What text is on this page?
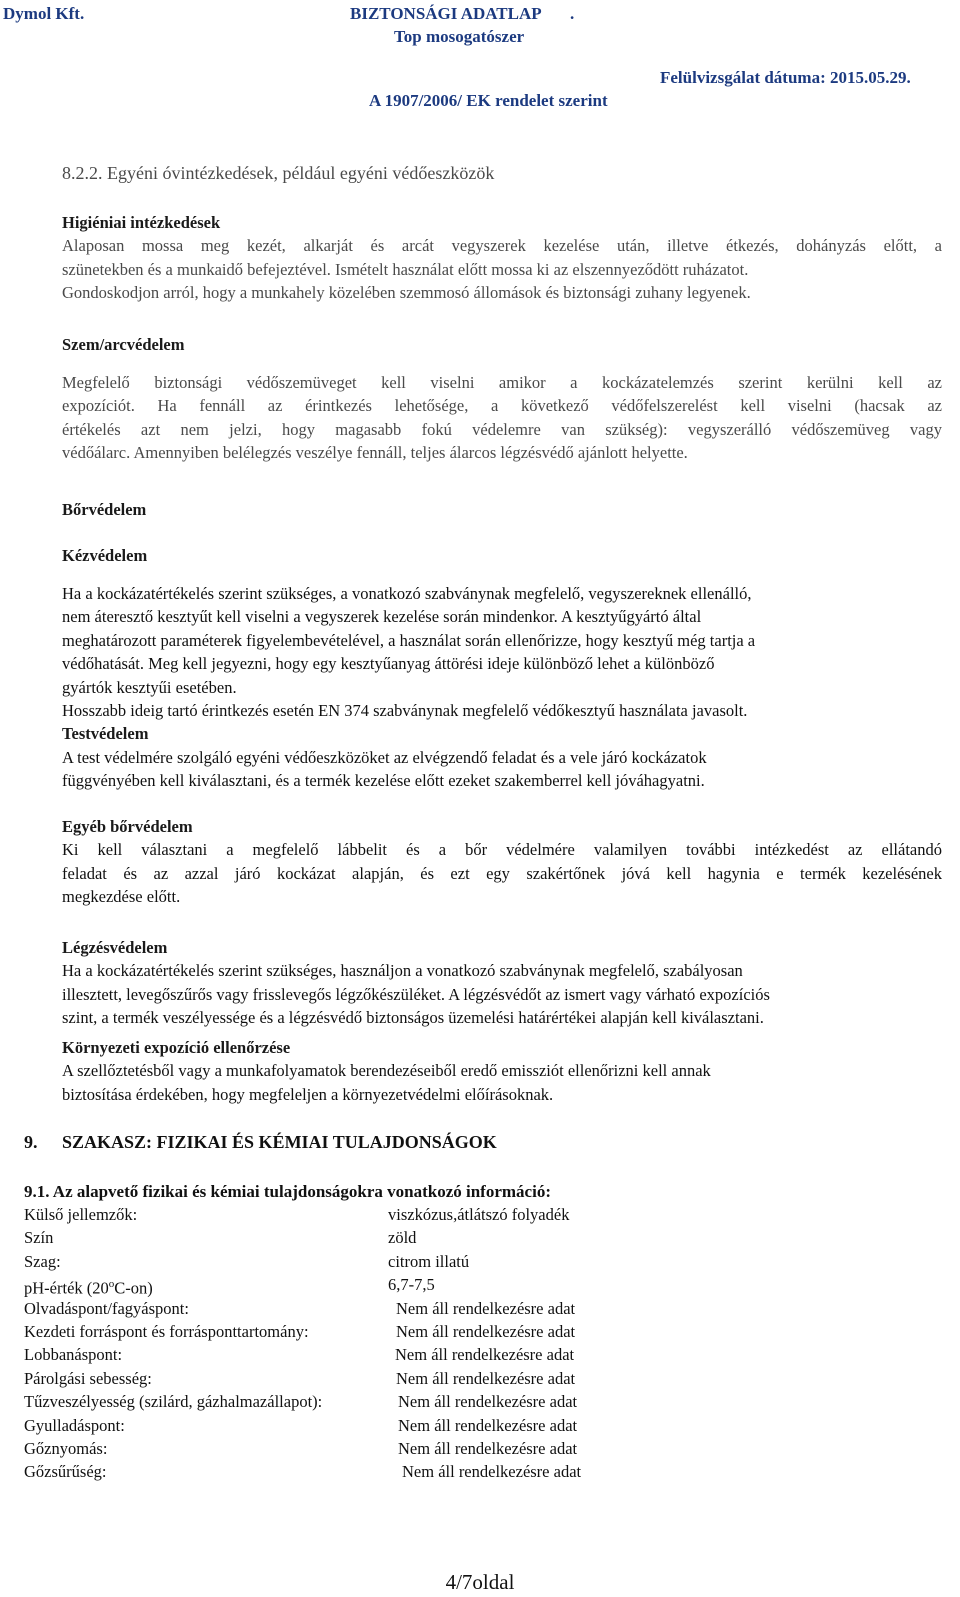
Dymol Kft.	BIZTONSÁGI ADATLAP .
Top mosogatószer
Felülvizsgálat dátuma: 2015.05.29.
A 1907/2006/ EK rendelet szerint

8.2.2. Egyéni óvintézkedések, például egyéni védőeszközök

Higiéniai intézkedések

Alaposan mossa meg kezét, alkarját és arcát vegyszerek kezelése után, illetve étkezés, dohányzás előtt, a

szünetekben és a munkaidő befejeztével. Ismételt használat előtt mossa ki az elszennyeződött ruházatot.

Gondoskodjon arról, hogy a munkahely közelében szemmosó állomások és biztonsági zuhany legyenek.

Szem/arcvédelem

Megfelelő biztonsági védőszemüveget kell viselni amikor a kockázatelemzés szerint kerülni kell az

expozíciót. Ha fennáll az érintkezés lehetősége, a következő védőfelszerelést kell viselni (hacsak az

értékelés azt nem jelzi, hogy magasabb fokú védelemre van szükség): vegyszerálló védőszemüveg vagy

védőálarc. Amennyiben belélegzés veszélye fennáll, teljes álarcos légzésvédő ajánlott helyette.

Bőrvédelem

Kézvédelem

Ha a kockázatértékelés szerint szükséges, a vonatkozó szabványnak megfelelő, vegyszereknek ellenálló,

nem áteresztő kesztyűt kell viselni a vegyszerek kezelése során mindenkor. A kesztyűgyártó által

meghatározott paraméterek figyelembevételével, a használat során ellenőrizze, hogy kesztyű még tartja a

védőhatását. Meg kell jegyezni, hogy egy kesztyűanyag áttörési ideje különböző lehet a különböző

gyártók kesztyűi esetében.

Hosszabb ideig tartó érintkezés esetén EN 374 szabványnak megfelelő védőkesztyű használata javasolt.

Testvédelem

A test védelmére szolgáló egyéni védőeszközöket az elvégzendő feladat és a vele járó kockázatok

függvényében kell kiválasztani, és a termék kezelése előtt ezeket szakemberrel kell jóváhagyatni.

Egyéb bőrvédelem

Ki kell választani a megfelelő lábbelit és a bőr védelmére valamilyen további intézkedést az ellátandó

feladat és az azzal járó kockázat alapján, és ezt egy szakértőnek jóvá kell hagynia e termék kezelésének

megkezdése előtt.

Légzésvédelem

Ha a kockázatértékelés szerint szükséges, használjon a vonatkozó szabványnak megfelelő, szabályosan

illesztett, levegőszűrős vagy frisslevegős légzőkészüléket. A légzésvédőt az ismert vagy várható expozíciós

szint, a termék veszélyessége és a légzésvédő biztonságos üzemelési határértékei alapján kell kiválasztani.

Környezeti expozíció ellenőrzése

A szellőztetésből vagy a munkafolyamatok berendezéseiből eredő emissziót ellenőrizni kell annak

biztosítása érdekében, hogy megfeleljen a környezetvédelmi előírásoknak.

9. SZAKASZ: FIZIKAI ÉS KÉMIAI TULAJDONSÁGOK
9.1. Az alapvető fizikai és kémiai tulajdonságokra vonatkozó információ:
Külső jellemzők:	viszkózus,átlátszó folyadék
Szín	zöld
Szag:	citrom illatú
pH-érték (20$^o$C-on)	6,7-7,5
Olvadáspont/fagyáspont:	Nem áll rendelkezésre adat
Kezdeti forráspont és forrásponttartomány:	Nem áll rendelkezésre adat
Lobbanáspont:	Nem áll rendelkezésre adat
Párolgási sebesség:	Nem áll rendelkezésre adat
Tűzveszélyesség (szilárd, gázhalmazállapot):	Nem áll rendelkezésre adat
Gyulladáspont:	Nem áll rendelkezésre adat
Gőznyomás:	Nem áll rendelkezésre adat
Gőzsűrűség:	Nem áll rendelkezésre adat
4/7oldal
